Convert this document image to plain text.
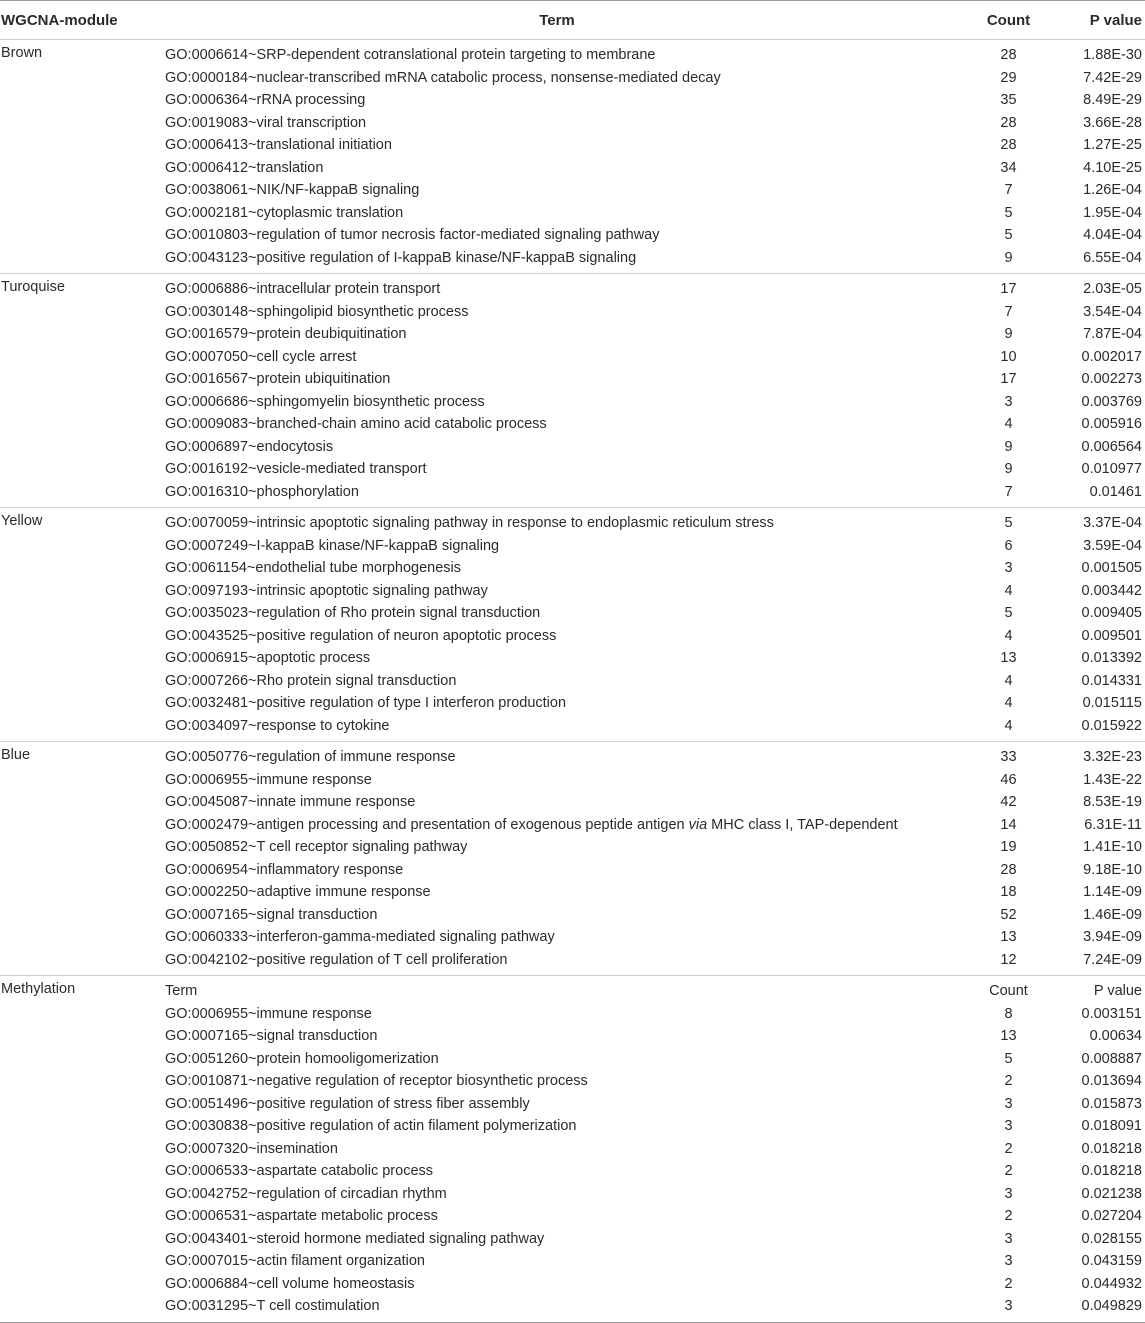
WGCNA-module	Term	Count	P value
Brown	GO:0006614~SRP-dependent cotranslational protein targeting to membrane	28	1.88E-30
	GO:0000184~nuclear-transcribed mRNA catabolic process, nonsense-mediated decay	29	7.42E-29
	GO:0006364~rRNA processing	35	8.49E-29
	GO:0019083~viral transcription	28	3.66E-28
	GO:0006413~translational initiation	28	1.27E-25
	GO:0006412~translation	34	4.10E-25
	GO:0038061~NIK/NF-kappaB signaling	7	1.26E-04
	GO:0002181~cytoplasmic translation	5	1.95E-04
	GO:0010803~regulation of tumor necrosis factor-mediated signaling pathway	5	4.04E-04
	GO:0043123~positive regulation of I-kappaB kinase/NF-kappaB signaling	9	6.55E-04
Turoquise	GO:0006886~intracellular protein transport	17	2.03E-05
	GO:0030148~sphingolipid biosynthetic process	7	3.54E-04
	GO:0016579~protein deubiquitination	9	7.87E-04
	GO:0007050~cell cycle arrest	10	0.002017
	GO:0016567~protein ubiquitination	17	0.002273
	GO:0006686~sphingomyelin biosynthetic process	3	0.003769
	GO:0009083~branched-chain amino acid catabolic process	4	0.005916
	GO:0006897~endocytosis	9	0.006564
	GO:0016192~vesicle-mediated transport	9	0.010977
	GO:0016310~phosphorylation	7	0.01461
Yellow	GO:0070059~intrinsic apoptotic signaling pathway in response to endoplasmic reticulum stress	5	3.37E-04
	GO:0007249~I-kappaB kinase/NF-kappaB signaling	6	3.59E-04
	GO:0061154~endothelial tube morphogenesis	3	0.001505
	GO:0097193~intrinsic apoptotic signaling pathway	4	0.003442
	GO:0035023~regulation of Rho protein signal transduction	5	0.009405
	GO:0043525~positive regulation of neuron apoptotic process	4	0.009501
	GO:0006915~apoptotic process	13	0.013392
	GO:0007266~Rho protein signal transduction	4	0.014331
	GO:0032481~positive regulation of type I interferon production	4	0.015115
	GO:0034097~response to cytokine	4	0.015922
Blue	GO:0050776~regulation of immune response	33	3.32E-23
	GO:0006955~immune response	46	1.43E-22
	GO:0045087~innate immune response	42	8.53E-19
	GO:0002479~antigen processing and presentation of exogenous peptide antigen via MHC class I, TAP-dependent	14	6.31E-11
	GO:0050852~T cell receptor signaling pathway	19	1.41E-10
	GO:0006954~inflammatory response	28	9.18E-10
	GO:0002250~adaptive immune response	18	1.14E-09
	GO:0007165~signal transduction	52	1.46E-09
	GO:0060333~interferon-gamma-mediated signaling pathway	13	3.94E-09
	GO:0042102~positive regulation of T cell proliferation	12	7.24E-09
Methylation	Term	Count	P value
	GO:0006955~immune response	8	0.003151
	GO:0007165~signal transduction	13	0.00634
	GO:0051260~protein homooligomerization	5	0.008887
	GO:0010871~negative regulation of receptor biosynthetic process	2	0.013694
	GO:0051496~positive regulation of stress fiber assembly	3	0.015873
	GO:0030838~positive regulation of actin filament polymerization	3	0.018091
	GO:0007320~insemination	2	0.018218
	GO:0006533~aspartate catabolic process	2	0.018218
	GO:0042752~regulation of circadian rhythm	3	0.021238
	GO:0006531~aspartate metabolic process	2	0.027204
	GO:0043401~steroid hormone mediated signaling pathway	3	0.028155
	GO:0007015~actin filament organization	3	0.043159
	GO:0006884~cell volume homeostasis	2	0.044932
	GO:0031295~T cell costimulation	3	0.049829
